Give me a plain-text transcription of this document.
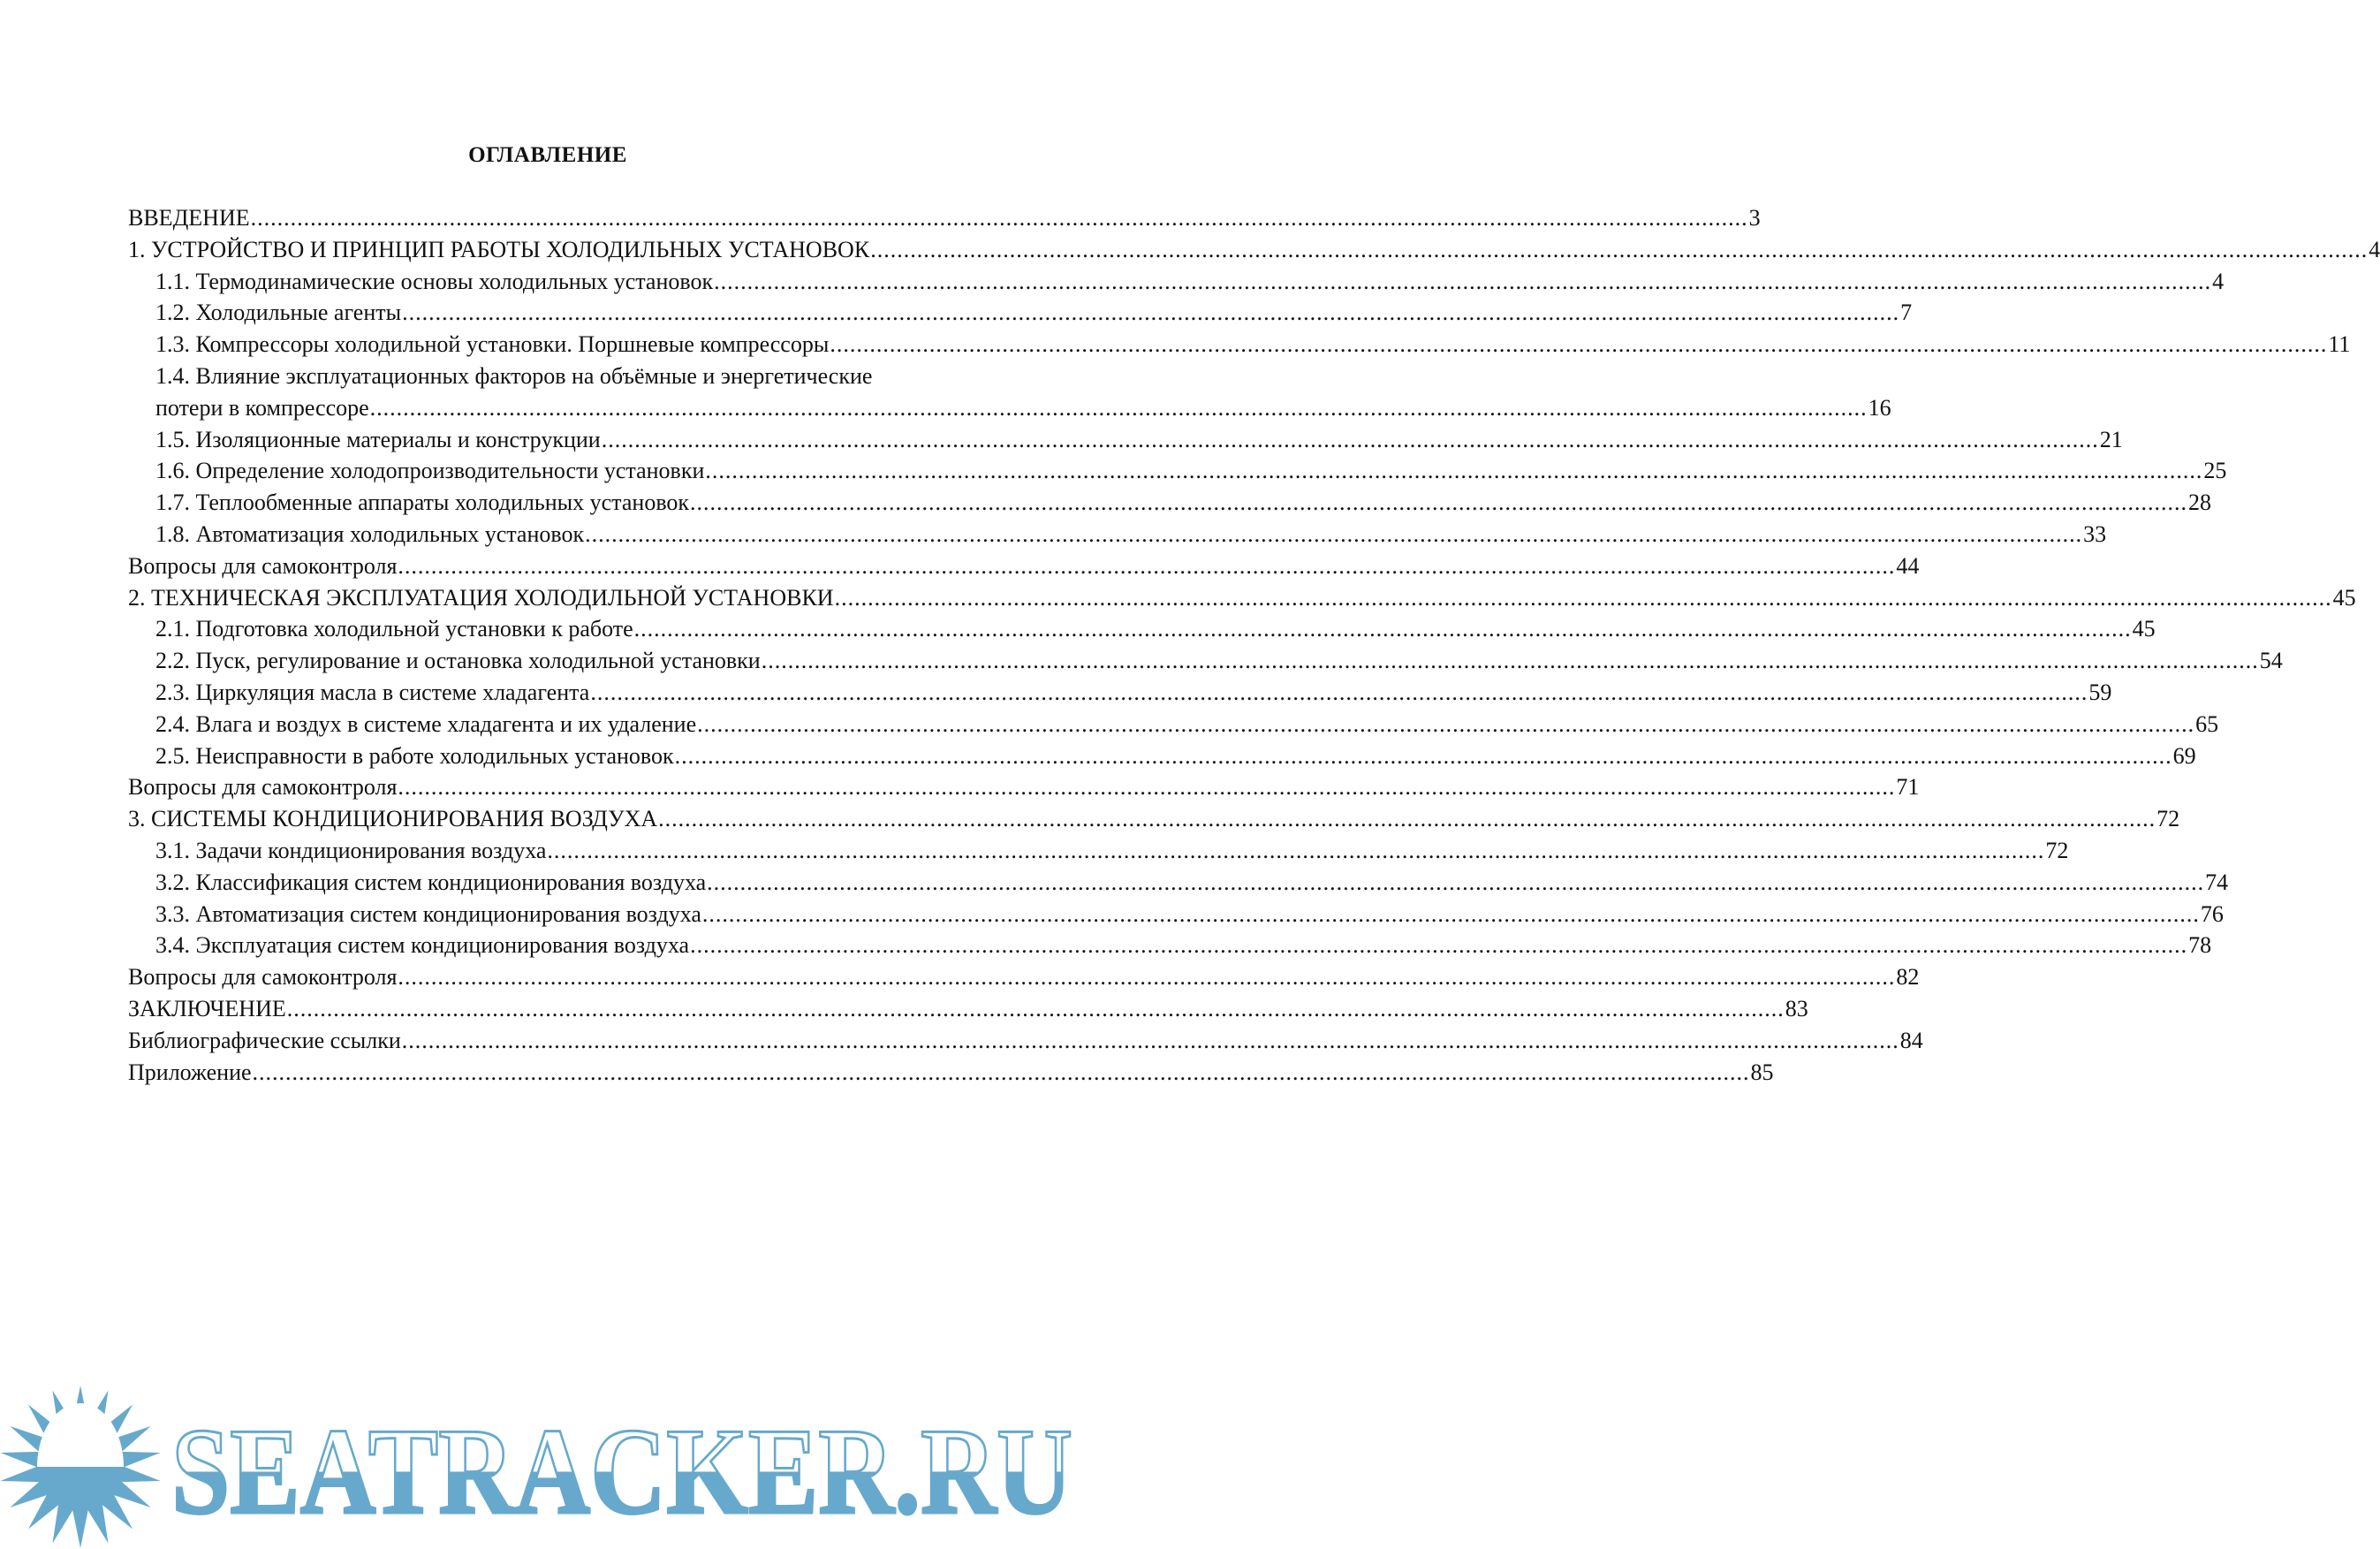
ОГЛАВЛЕНИЕ
ВВЕДЕНИЕ .....	3
1. УСТРОЙСТВО И ПРИНЦИП РАБОТЫ ХОЛОДИЛЬНЫХ УСТАНОВОК .....	4
1.1. Термодинамические основы холодильных установок .....	4
1.2. Холодильные агенты .....	7
1.3. Компрессоры холодильной установки. Поршневые компрессоры .....	11
1.4. Влияние эксплуатационных факторов на объёмные и энергетические
потери в компрессоре .....	16
1.5. Изоляционные материалы и конструкции .....	21
1.6. Определение холодопроизводительности установки .....	25
1.7. Теплообменные аппараты холодильных установок .....	28
1.8. Автоматизация холодильных установок .....	33
Вопросы для самоконтроля .....	44
2. ТЕХНИЧЕСКАЯ ЭКСПЛУАТАЦИЯ ХОЛОДИЛЬНОЙ УСТАНОВКИ .....	45
2.1. Подготовка холодильной установки к работе .....	45
2.2. Пуск, регулирование и остановка холодильной установки .....	54
2.3. Циркуляция масла в системе хладагента .....	59
2.4. Влага и воздух в системе хладагента и их удаление .....	65
2.5. Неисправности в работе холодильных установок .....	69
Вопросы для самоконтроля .....	71
3. СИСТЕМЫ КОНДИЦИОНИРОВАНИЯ ВОЗДУХА .....	72
3.1. Задачи кондиционирования воздуха .....	72
3.2. Классификация систем кондиционирования воздуха .....	74
3.3. Автоматизация систем кондиционирования воздуха .....	76
3.4. Эксплуатация систем кондиционирования воздуха .....	78
Вопросы для самоконтроля .....	82
ЗАКЛЮЧЕНИЕ .....	83
Библиографические ссылки .....	84
Приложение .....	85
SEATRACKER.RU
